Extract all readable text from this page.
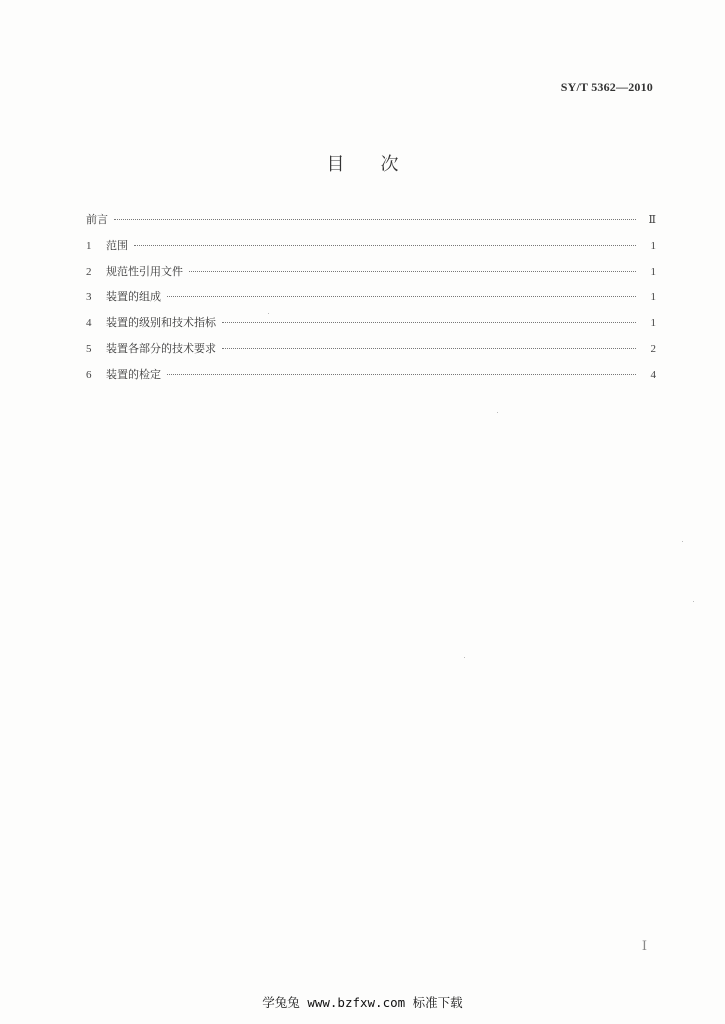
SY/T 5362—2010
目 次
前言	Ⅱ
1	范围	1
2	规范性引用文件	1
3	装置的组成	1
4	装置的级别和技术指标	1
5	装置各部分的技术要求	2
6	装置的检定	4
Ⅰ
学兔兔 www.bzfxw.com 标准下载
